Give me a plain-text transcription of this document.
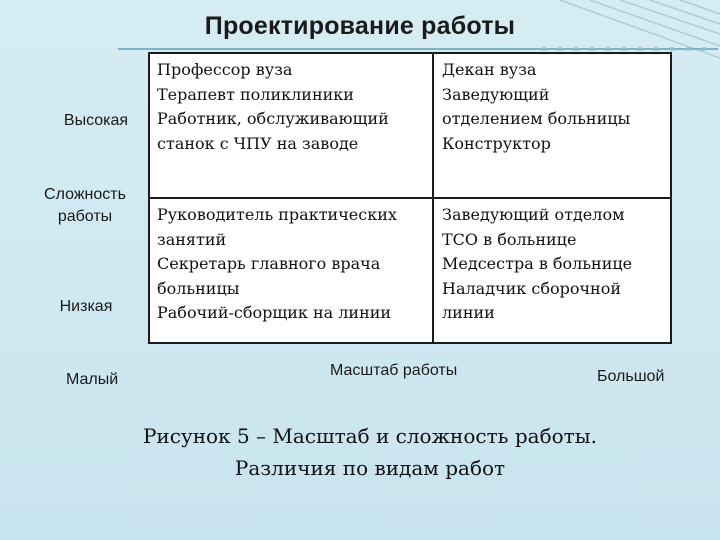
Проектирование работы
Профессор вуза
Терапевт поликлиники
Работник, обслуживающий
станок с ЧПУ на заводе
Декан вуза
Заведующий
отделением больницы
Конструктор
Руководитель практических
занятий
Секретарь главного врача
больницы
Рабочий-сборщик на линии
Заведующий отделом
ТСО в больнице
Медсестра в больнице
Наладчик сборочной
линии
Высокая
Сложность
работы
Низкая
Малый
Масштаб работы	Большой
Рисунок 5 – Масштаб и сложность работы.
Различия по видам работ
